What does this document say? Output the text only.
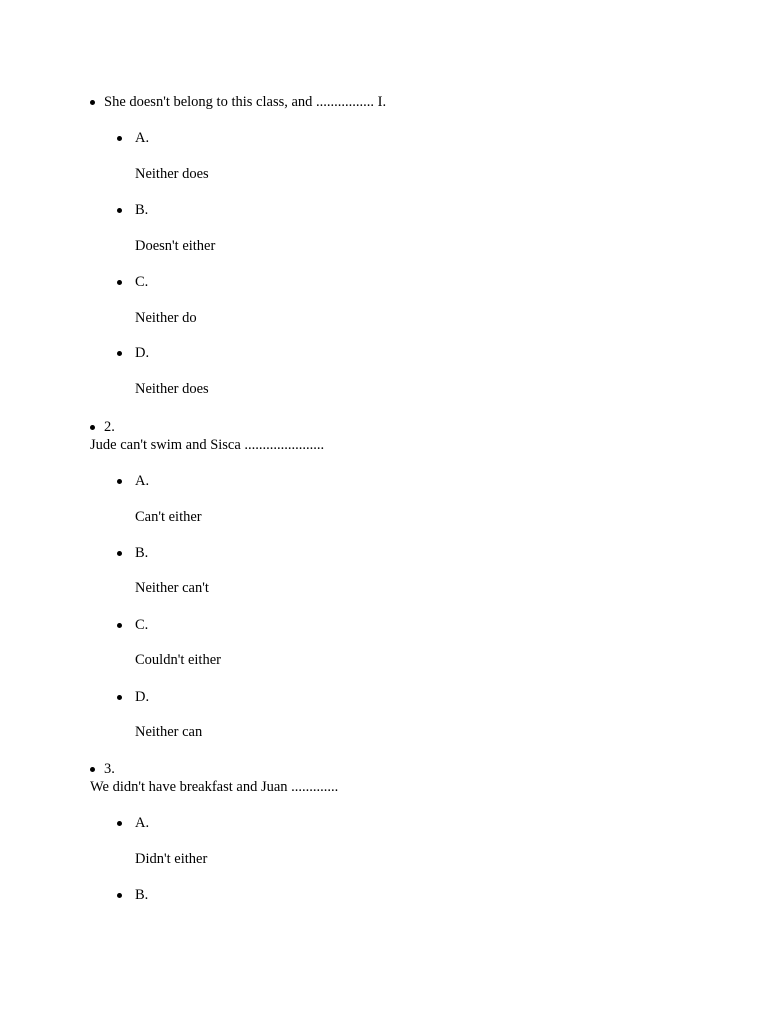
She doesn't belong to this class, and ................ I.
A.
Neither does
B.
Doesn't either
C.
Neither do
D.
Neither does
2.
Jude can't swim and Sisca ......................
A.
Can't either
B.
Neither can't
C.
Couldn't either
D.
Neither can
3.
We didn't have breakfast and Juan .............
A.
Didn't either
B.
